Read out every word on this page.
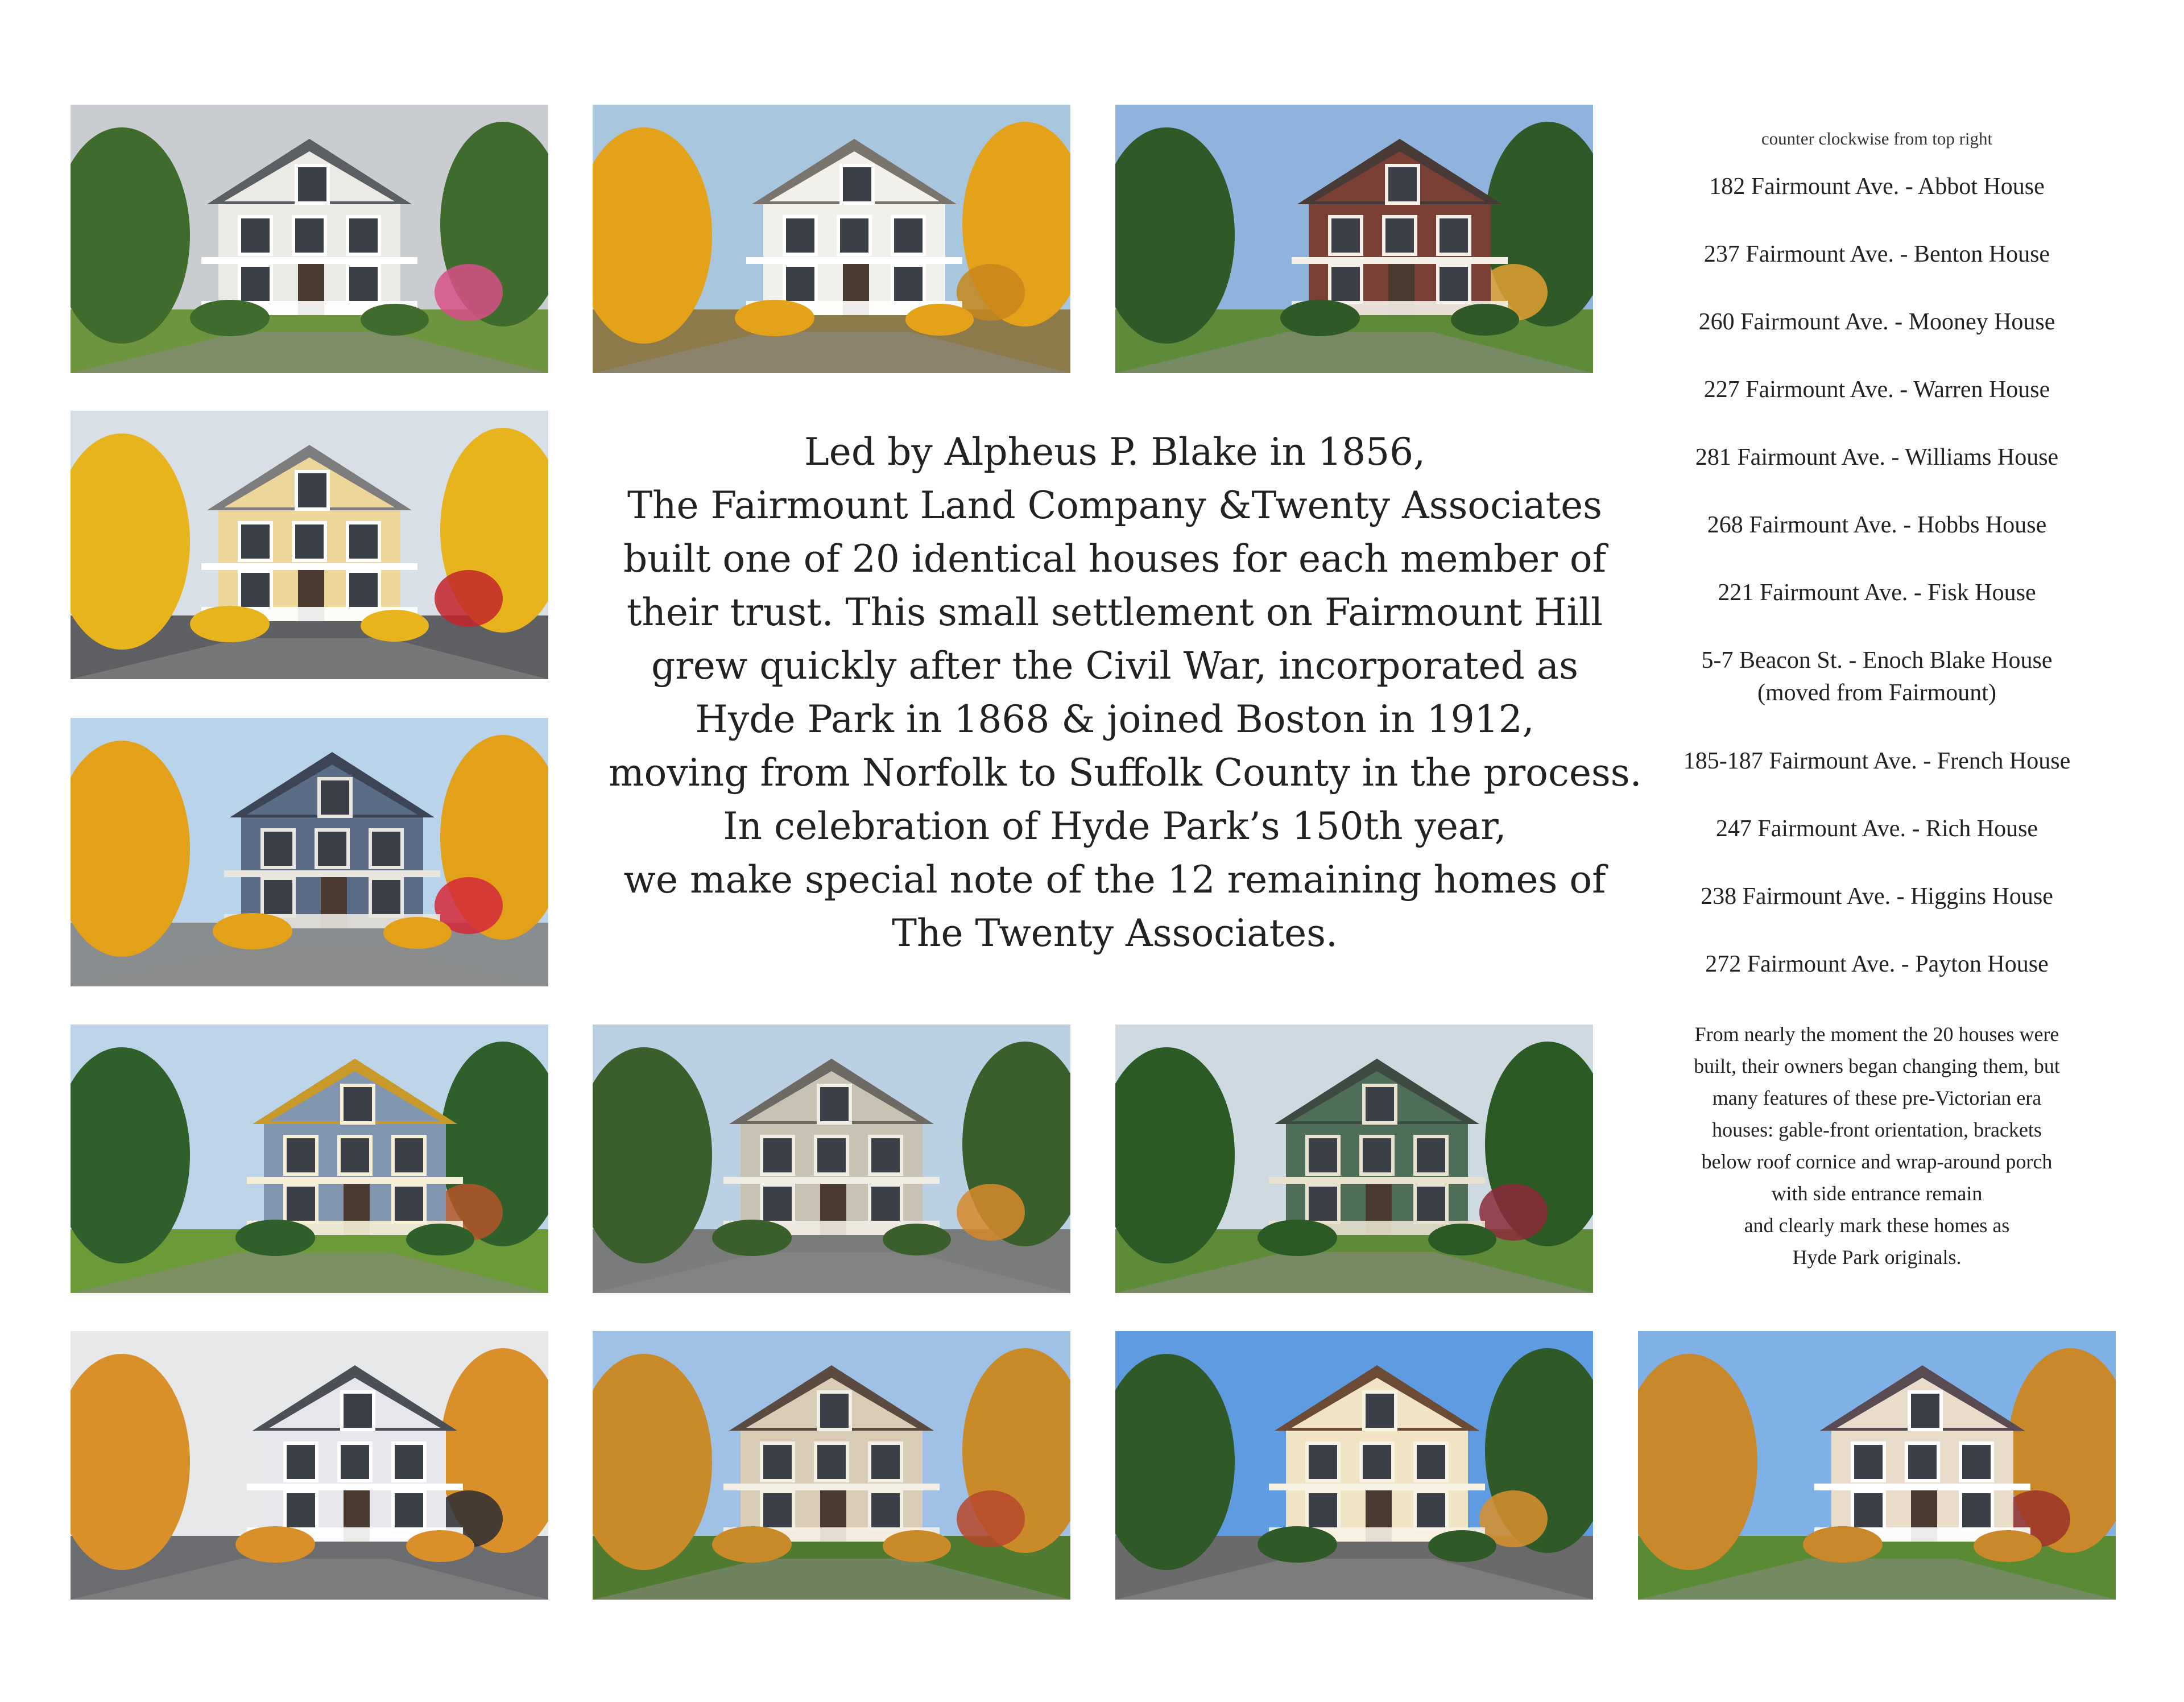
Led by Alpheus P. Blake in 1856,
The Fairmount Land Company &Twenty Associates
built one of 20 identical houses for each member of
their trust. This small settlement on Fairmount Hill
grew quickly after the Civil War, incorporated as
Hyde Park in 1868 & joined Boston in 1912,
moving from Norfolk to Suffolk County in the process.
In celebration of Hyde Park’s 150th year,
we make special note of the 12 remaining homes of
The Twenty Associates.
counter clockwise from top right
182 Fairmount Ave. - Abbot House
237 Fairmount Ave. - Benton House
260 Fairmount Ave. - Mooney House
227 Fairmount Ave. - Warren House
281 Fairmount Ave. - Williams House
268 Fairmount Ave. - Hobbs House
221 Fairmount Ave. - Fisk House
5-7 Beacon St. - Enoch Blake House
(moved from Fairmount)
185-187 Fairmount Ave. - French House
247 Fairmount Ave. - Rich House
238 Fairmount Ave. - Higgins House
272 Fairmount Ave. - Payton House
From nearly the moment the 20 houses were
built, their owners began changing them, but
many features of these pre-Victorian era
houses: gable-front orientation, brackets
below roof cornice and wrap-around porch
with side entrance remain
and clearly mark these homes as
Hyde Park originals.
